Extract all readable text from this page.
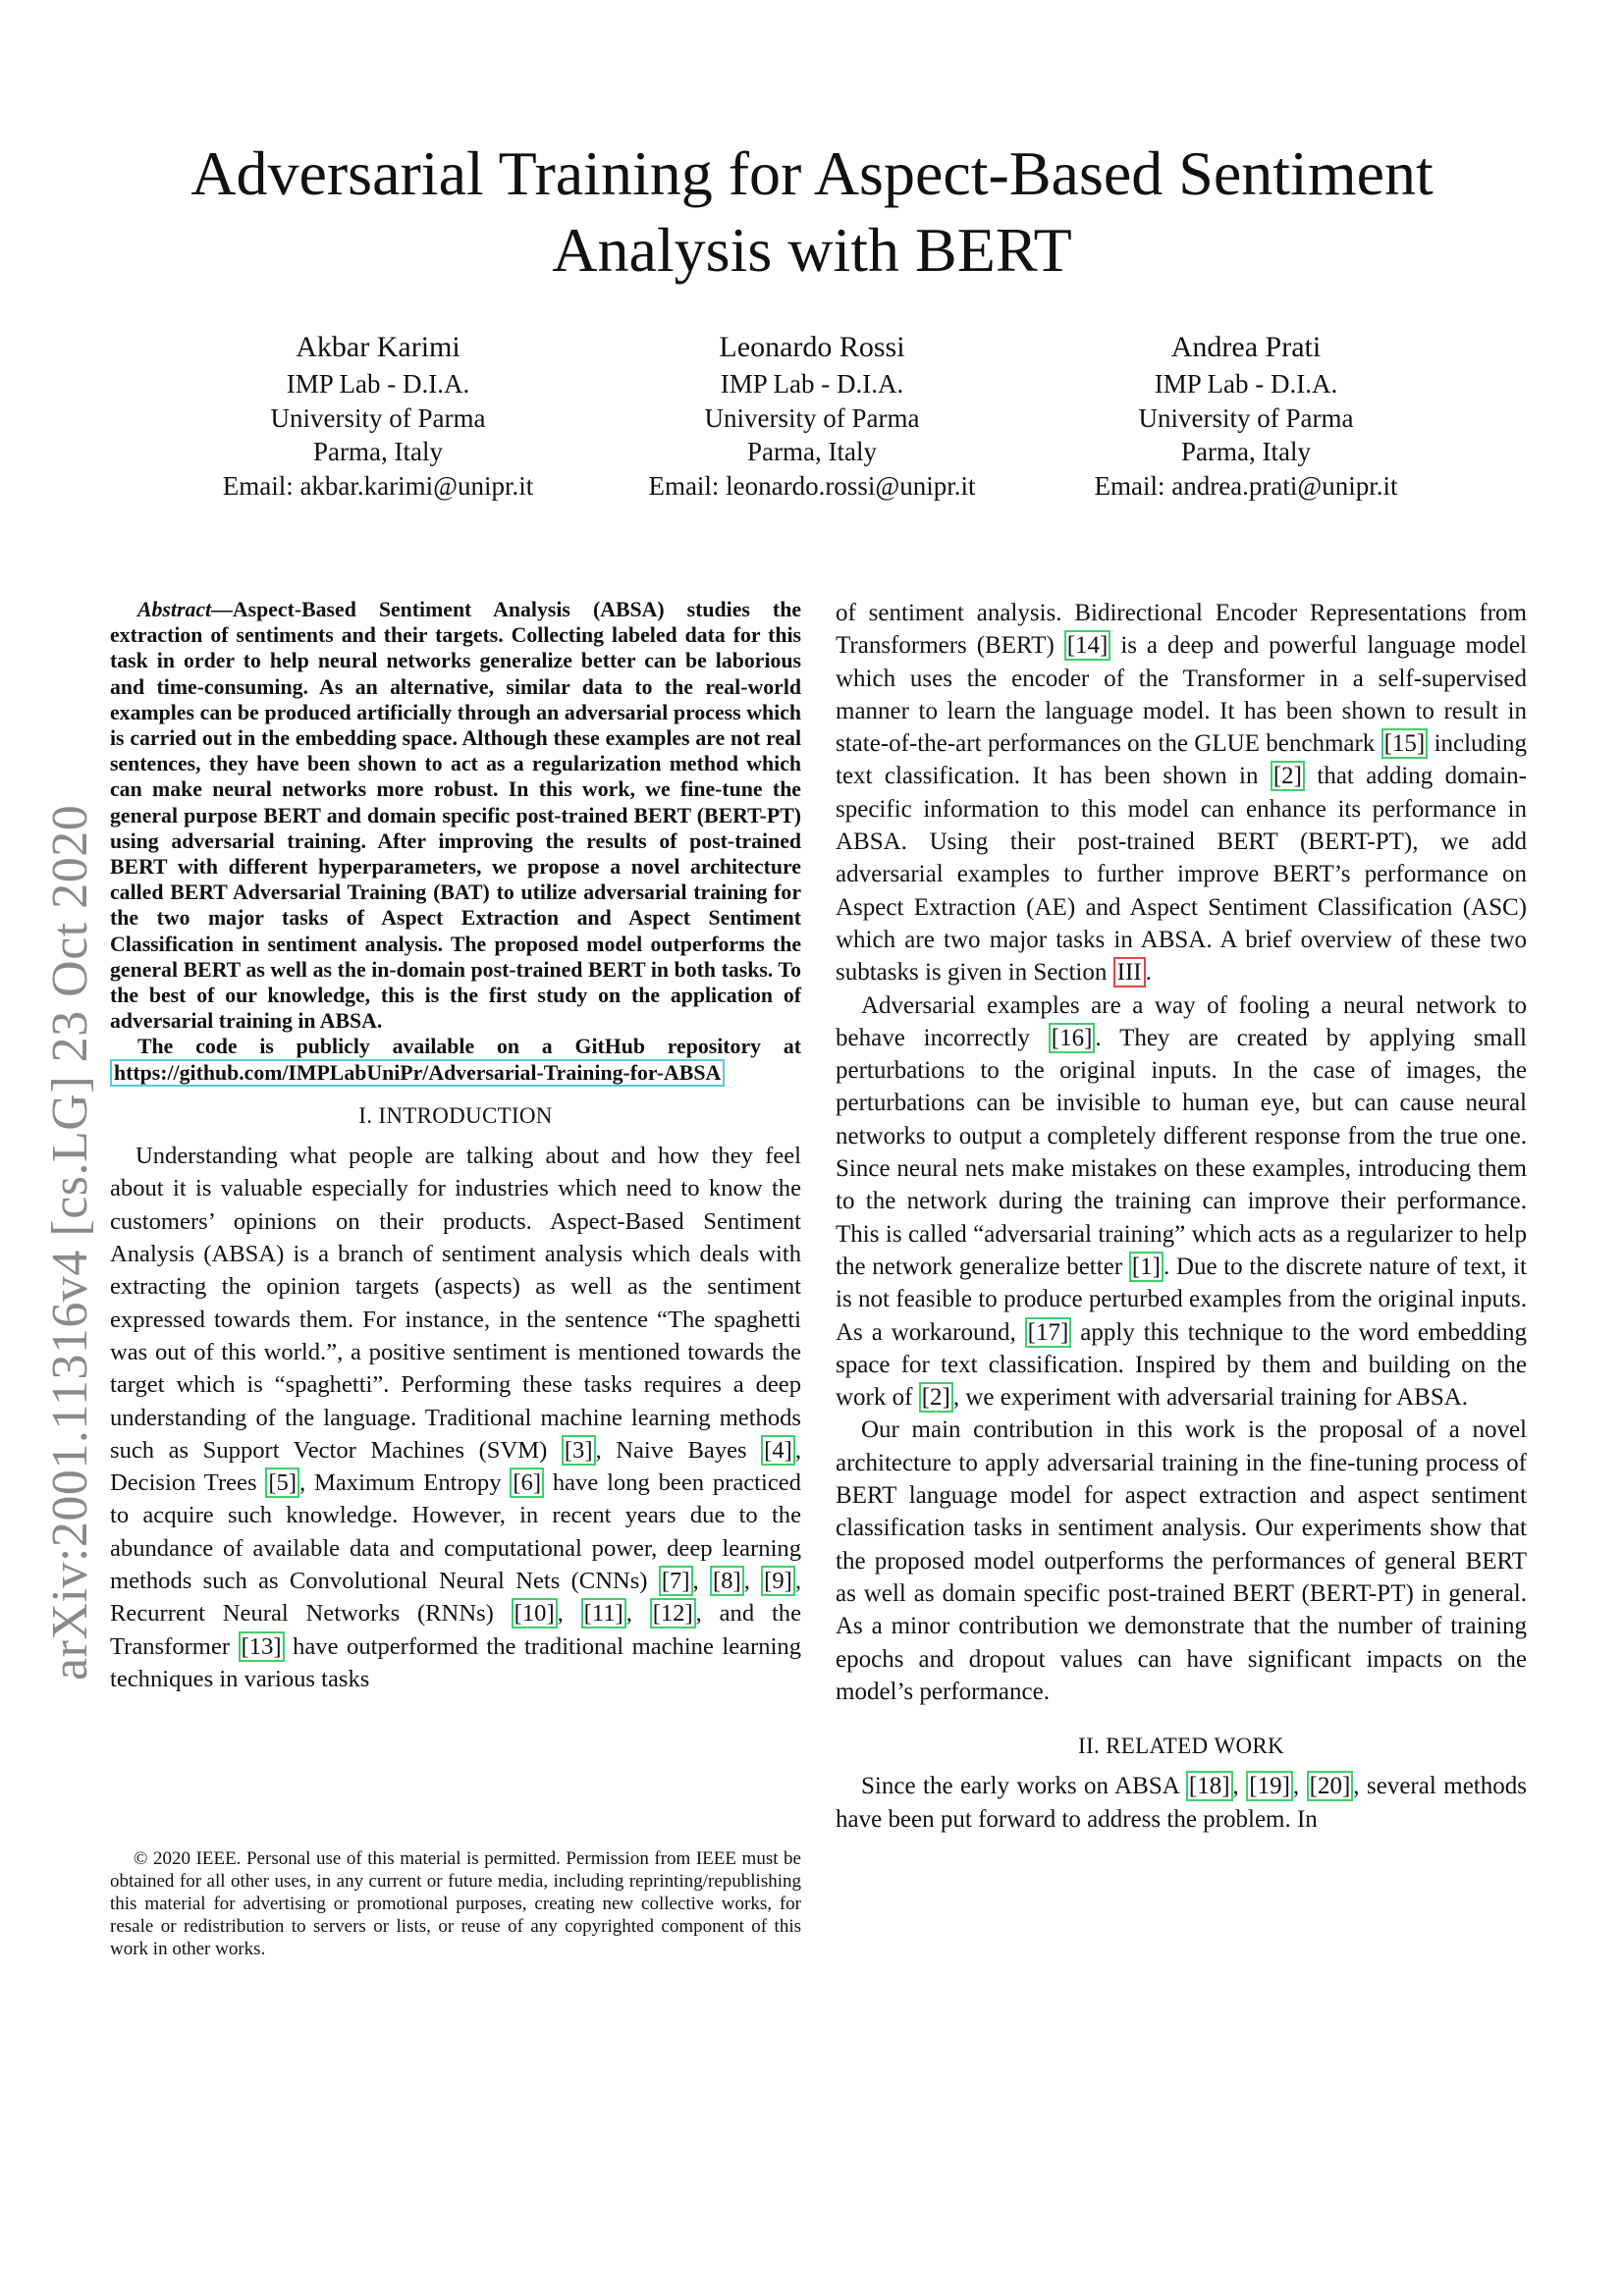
arXiv:2001.11316v4 [cs.LG] 23 Oct 2020
Adversarial Training for Aspect-Based Sentiment Analysis with BERT
Akbar Karimi
IMP Lab - D.I.A.
University of Parma
Parma, Italy
Email: akbar.karimi@unipr.it
Leonardo Rossi
IMP Lab - D.I.A.
University of Parma
Parma, Italy
Email: leonardo.rossi@unipr.it
Andrea Prati
IMP Lab - D.I.A.
University of Parma
Parma, Italy
Email: andrea.prati@unipr.it

Abstract—Aspect-Based Sentiment Analysis (ABSA) studies the extraction of sentiments and their targets. Collecting labeled data for this task in order to help neural networks generalize better can be laborious and time-consuming. As an alternative, similar data to the real-world examples can be produced artificially through an adversarial process which is carried out in the embedding space. Although these examples are not real sentences, they have been shown to act as a regularization method which can make neural networks more robust. In this work, we fine-tune the general purpose BERT and domain specific post-trained BERT (BERT-PT) using adversarial training. After improving the results of post-trained BERT with different hyperparameters, we propose a novel architecture called BERT Adversarial Training (BAT) to utilize adversarial training for the two major tasks of Aspect Extraction and Aspect Sentiment Classification in sentiment analysis. The proposed model outperforms the general BERT as well as the in-domain post-trained BERT in both tasks. To the best of our knowledge, this is the first study on the application of adversarial training in ABSA.

The code is publicly available on a GitHub repository at https://github.com/IMPLabUniPr/Adversarial-Training-for-ABSA

I. INTRODUCTION

Understanding what people are talking about and how they feel about it is valuable especially for industries which need to know the customers’ opinions on their products. Aspect-Based Sentiment Analysis (ABSA) is a branch of sentiment analysis which deals with extracting the opinion targets (aspects) as well as the sentiment expressed towards them. For instance, in the sentence “The spaghetti was out of this world.”, a positive sentiment is mentioned towards the target which is “spaghetti”. Performing these tasks requires a deep understanding of the language. Traditional machine learning methods such as Support Vector Machines (SVM) [3] , Naive Bayes [4] , Decision Trees [5] , Maximum Entropy [6] have long been practiced to acquire such knowledge. However, in recent years due to the abundance of available data and computational power, deep learning methods such as Convolutional Neural Nets (CNNs) [7] , [8] , [9] , Recurrent Neural Networks (RNNs) [10] , [11] , [12] , and the Transformer [13] have outperformed the traditional machine learning techniques in various tasks

© 2020 IEEE. Personal use of this material is permitted. Permission from IEEE must be obtained for all other uses, in any current or future media, including reprinting/republishing this material for advertising or promotional purposes, creating new collective works, for resale or redistribution to servers or lists, or reuse of any copyrighted component of this work in other works.

of sentiment analysis. Bidirectional Encoder Representations from Transformers (BERT) [14] is a deep and powerful language model which uses the encoder of the Transformer in a self-supervised manner to learn the language model. It has been shown to result in state-of-the-art performances on the GLUE benchmark [15] including text classification. It has been shown in [2] that adding domain-specific information to this model can enhance its performance in ABSA. Using their post-trained BERT (BERT-PT), we add adversarial examples to further improve BERT’s performance on Aspect Extraction (AE) and Aspect Sentiment Classification (ASC) which are two major tasks in ABSA. A brief overview of these two subtasks is given in Section III .

Adversarial examples are a way of fooling a neural network to behave incorrectly [16] . They are created by applying small perturbations to the original inputs. In the case of images, the perturbations can be invisible to human eye, but can cause neural networks to output a completely different response from the true one. Since neural nets make mistakes on these examples, introducing them to the network during the training can improve their performance. This is called “adversarial training” which acts as a regularizer to help the network generalize better [1] . Due to the discrete nature of text, it is not feasible to produce perturbed examples from the original inputs. As a workaround, [17] apply this technique to the word embedding space for text classification. Inspired by them and building on the work of [2] , we experiment with adversarial training for ABSA.

Our main contribution in this work is the proposal of a novel architecture to apply adversarial training in the fine-tuning process of BERT language model for aspect extraction and aspect sentiment classification tasks in sentiment analysis. Our experiments show that the proposed model outperforms the performances of general BERT as well as domain specific post-trained BERT (BERT-PT) in general. As a minor contribution we demonstrate that the number of training epochs and dropout values can have significant impacts on the model’s performance.

II. RELATED WORK

Since the early works on ABSA [18] , [19] , [20] , several methods have been put forward to address the problem. In
